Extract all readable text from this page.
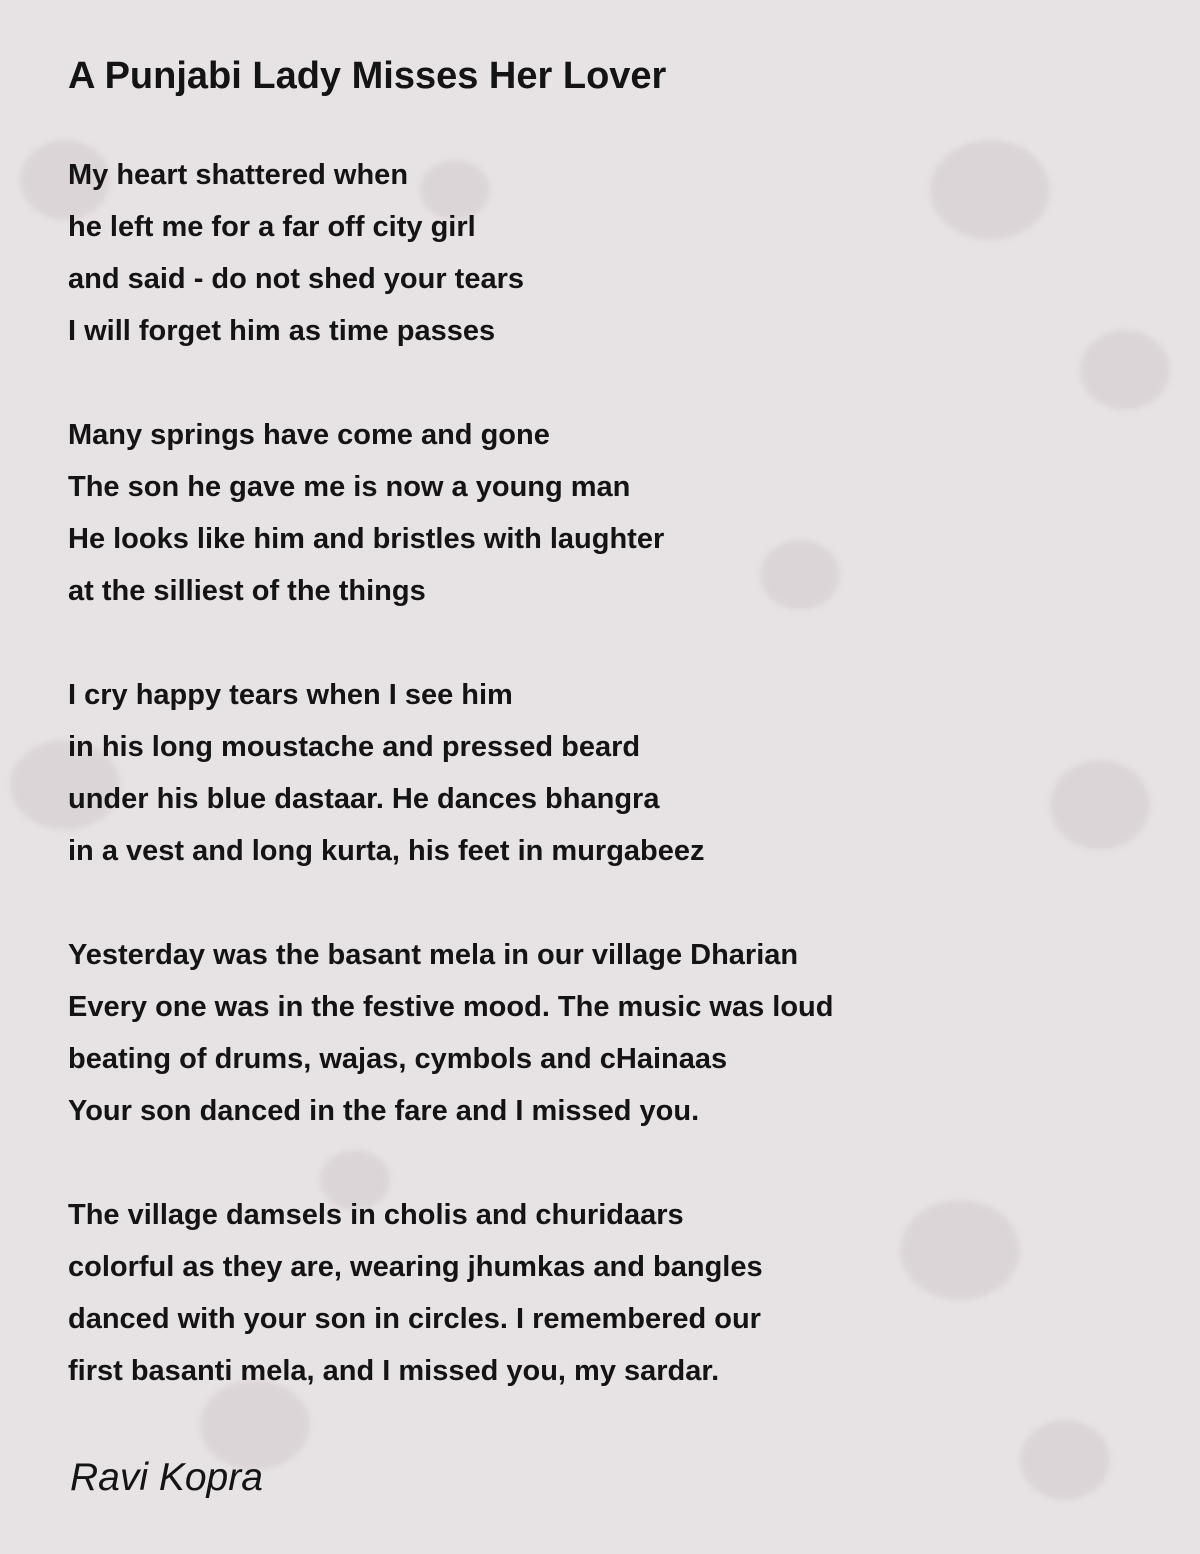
A Punjabi Lady Misses Her Lover
My heart shattered when
he left me for a far off city girl
and said - do not shed your tears
I will forget him as time passes
Many springs have come and gone
The son he gave me is now a young man
He looks like him and bristles with laughter
at the silliest of the things
I cry happy tears when I see him
in his long moustache and pressed beard
under his blue dastaar. He dances bhangra
in a vest and long kurta, his feet in murgabeez
Yesterday was the basant mela in our village Dharian
Every one was in the festive mood. The music was loud
beating of drums, wajas, cymbols and cHainaas
Your son danced in the fare and I missed you.
The village damsels in cholis and churidaars
colorful as they are, wearing jhumkas and bangles
danced with your son in circles. I remembered our
first basanti mela, and I missed you, my sardar.

Ravi Kopra
